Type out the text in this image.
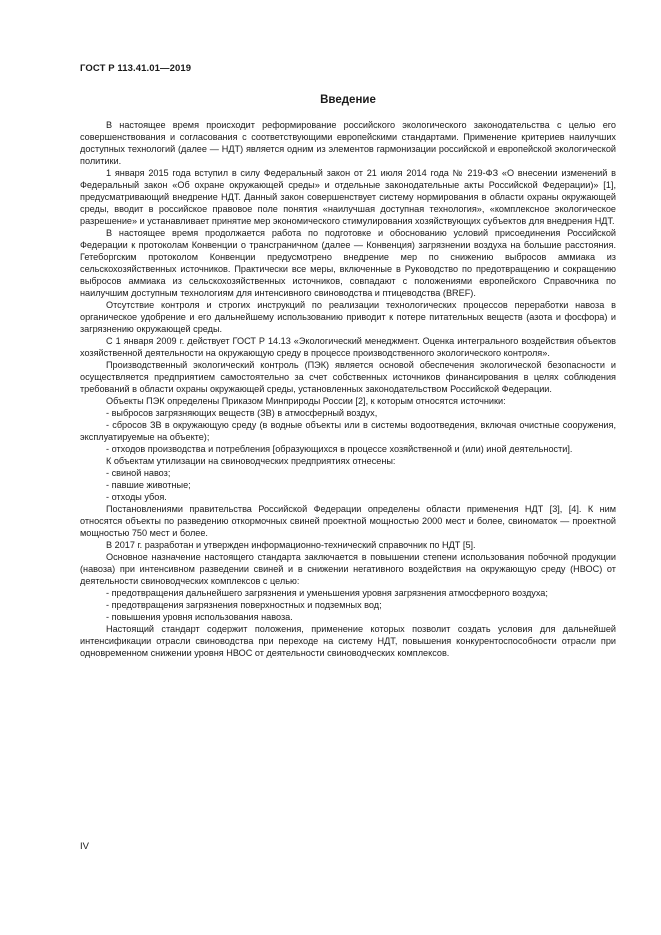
ГОСТ Р 113.41.01—2019
Введение

В настоящее время происходит реформирование российского экологического законодательства с целью его совершенствования и согласования с соответствующими европейскими стандартами. Применение критериев наилучших доступных технологий (далее — НДТ) является одним из элементов гармонизации российской и европейской экологической политики.

1 января 2015 года вступил в силу Федеральный закон от 21 июля 2014 года № 219-ФЗ «О внесении изменений в Федеральный закон «Об охране окружающей среды» и отдельные законодательные акты Российской Федерации)» [1], предусматривающий внедрение НДТ. Данный закон совершенствует систему нормирования в области охраны окружающей среды, вводит в российское правовое поле понятия «наилучшая доступная технология», «комплексное экологическое разрешение» и устанавливает принятие мер экономического стимулирования хозяйствующих субъектов для внедрения НДТ.

В настоящее время продолжается работа по подготовке и обоснованию условий присоединения Российской Федерации к протоколам Конвенции о трансграничном (далее — Конвенция) загрязнении воздуха на большие расстояния. Гетеборгским протоколом Конвенции предусмотрено внедрение мер по снижению выбросов аммиака из сельскохозяйственных источников. Практически все меры, включенные в Руководство по предотвращению и сокращению выбросов аммиака из сельскохозяйственных источников, совпадают с положениями европейского Справочника по наилучшим доступным технологиям для интенсивного свиноводства и птицеводства (BREF).

Отсутствие контроля и строгих инструкций по реализации технологических процессов переработки навоза в органическое удобрение и его дальнейшему использованию приводит к потере питательных веществ (азота и фосфора) и загрязнению окружающей среды.

С 1 января 2009 г. действует ГОСТ Р 14.13 «Экологический менеджмент. Оценка интегрального воздействия объектов хозяйственной деятельности на окружающую среду в процессе производственного экологического контроля».

Производственный экологический контроль (ПЭК) является основой обеспечения экологической безопасности и осуществляется предприятием самостоятельно за счет собственных источников финансирования в целях соблюдения требований в области охраны окружающей среды, установленных законодательством Российской Федерации.

Объекты ПЭК определены Приказом Минприроды России [2], к которым относятся источники:

- выбросов загрязняющих веществ (ЗВ) в атмосферный воздух,

- сбросов ЗВ в окружающую среду (в водные объекты или в системы водоотведения, включая очистные сооружения, эксплуатируемые на объекте);

- отходов производства и потребления [образующихся в процессе хозяйственной и (или) иной деятельности].

К объектам утилизации на свиноводческих предприятиях отнесены:

- свиной навоз;

- павшие животные;

- отходы убоя.

Постановлениями правительства Российской Федерации определены области применения НДТ [3], [4]. К ним относятся объекты по разведению откормочных свиней проектной мощностью 2000 мест и более, свиноматок — проектной мощностью 750 мест и более.

В 2017 г. разработан и утвержден информационно-технический справочник по НДТ [5].

Основное назначение настоящего стандарта заключается в повышении степени использования побочной продукции (навоза) при интенсивном разведении свиней и в снижении негативного воздействия на окружающую среду (НВОС) от деятельности свиноводческих комплексов с целью:

- предотвращения дальнейшего загрязнения и уменьшения уровня загрязнения атмосферного воздуха;

- предотвращения загрязнения поверхностных и подземных вод;

- повышения уровня использования навоза.

Настоящий стандарт содержит положения, применение которых позволит создать условия для дальнейшей интенсификации отрасли свиноводства при переходе на систему НДТ, повышения конкурентоспособности отрасли при одновременном снижении уровня НВОС от деятельности свиноводческих комплексов.

IV
